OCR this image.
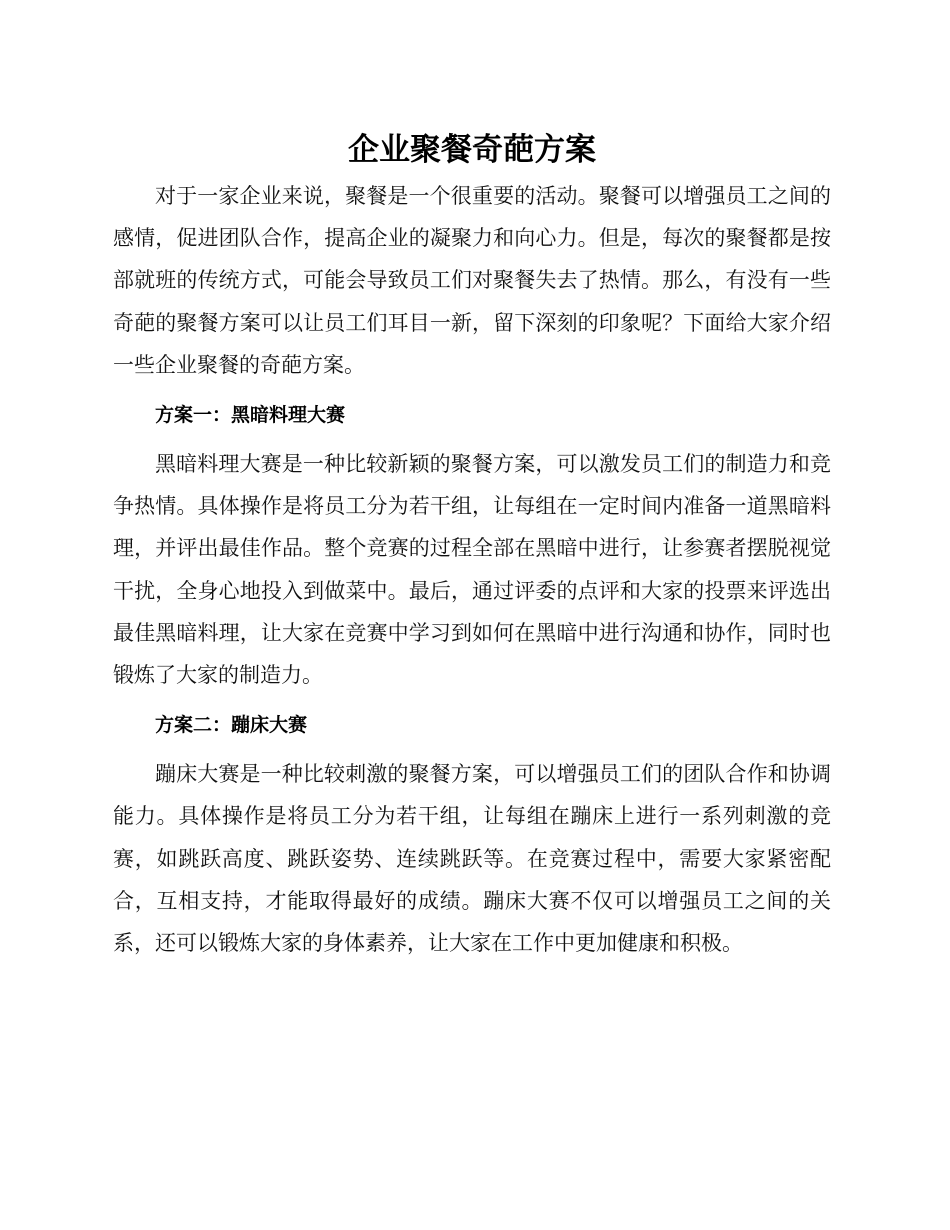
企业聚餐奇葩方案

对于一家企业来说，聚餐是一个很重要的活动。聚餐可以增强员工之间的感情，促进团队合作，提高企业的凝聚力和向心力。但是，每次的聚餐都是按部就班的传统方式，可能会导致员工们对聚餐失去了热情。那么，有没有一些奇葩的聚餐方案可以让员工们耳目一新，留下深刻的印象呢？下面给大家介绍一些企业聚餐的奇葩方案。

方案一：黑暗料理大赛

黑暗料理大赛是一种比较新颖的聚餐方案，可以激发员工们的制造力和竞争热情。具体操作是将员工分为若干组，让每组在一定时间内准备一道黑暗料理，并评出最佳作品。整个竞赛的过程全部在黑暗中进行，让参赛者摆脱视觉干扰，全身心地投入到做菜中。最后，通过评委的点评和大家的投票来评选出最佳黑暗料理，让大家在竞赛中学习到如何在黑暗中进行沟通和协作，同时也锻炼了大家的制造力。

方案二：蹦床大赛

蹦床大赛是一种比较刺激的聚餐方案，可以增强员工们的团队合作和协调能力。具体操作是将员工分为若干组，让每组在蹦床上进行一系列刺激的竞赛，如跳跃高度、跳跃姿势、连续跳跃等。在竞赛过程中，需要大家紧密配合，互相支持，才能取得最好的成绩。蹦床大赛不仅可以增强员工之间的关系，还可以锻炼大家的身体素养，让大家在工作中更加健康和积极。
